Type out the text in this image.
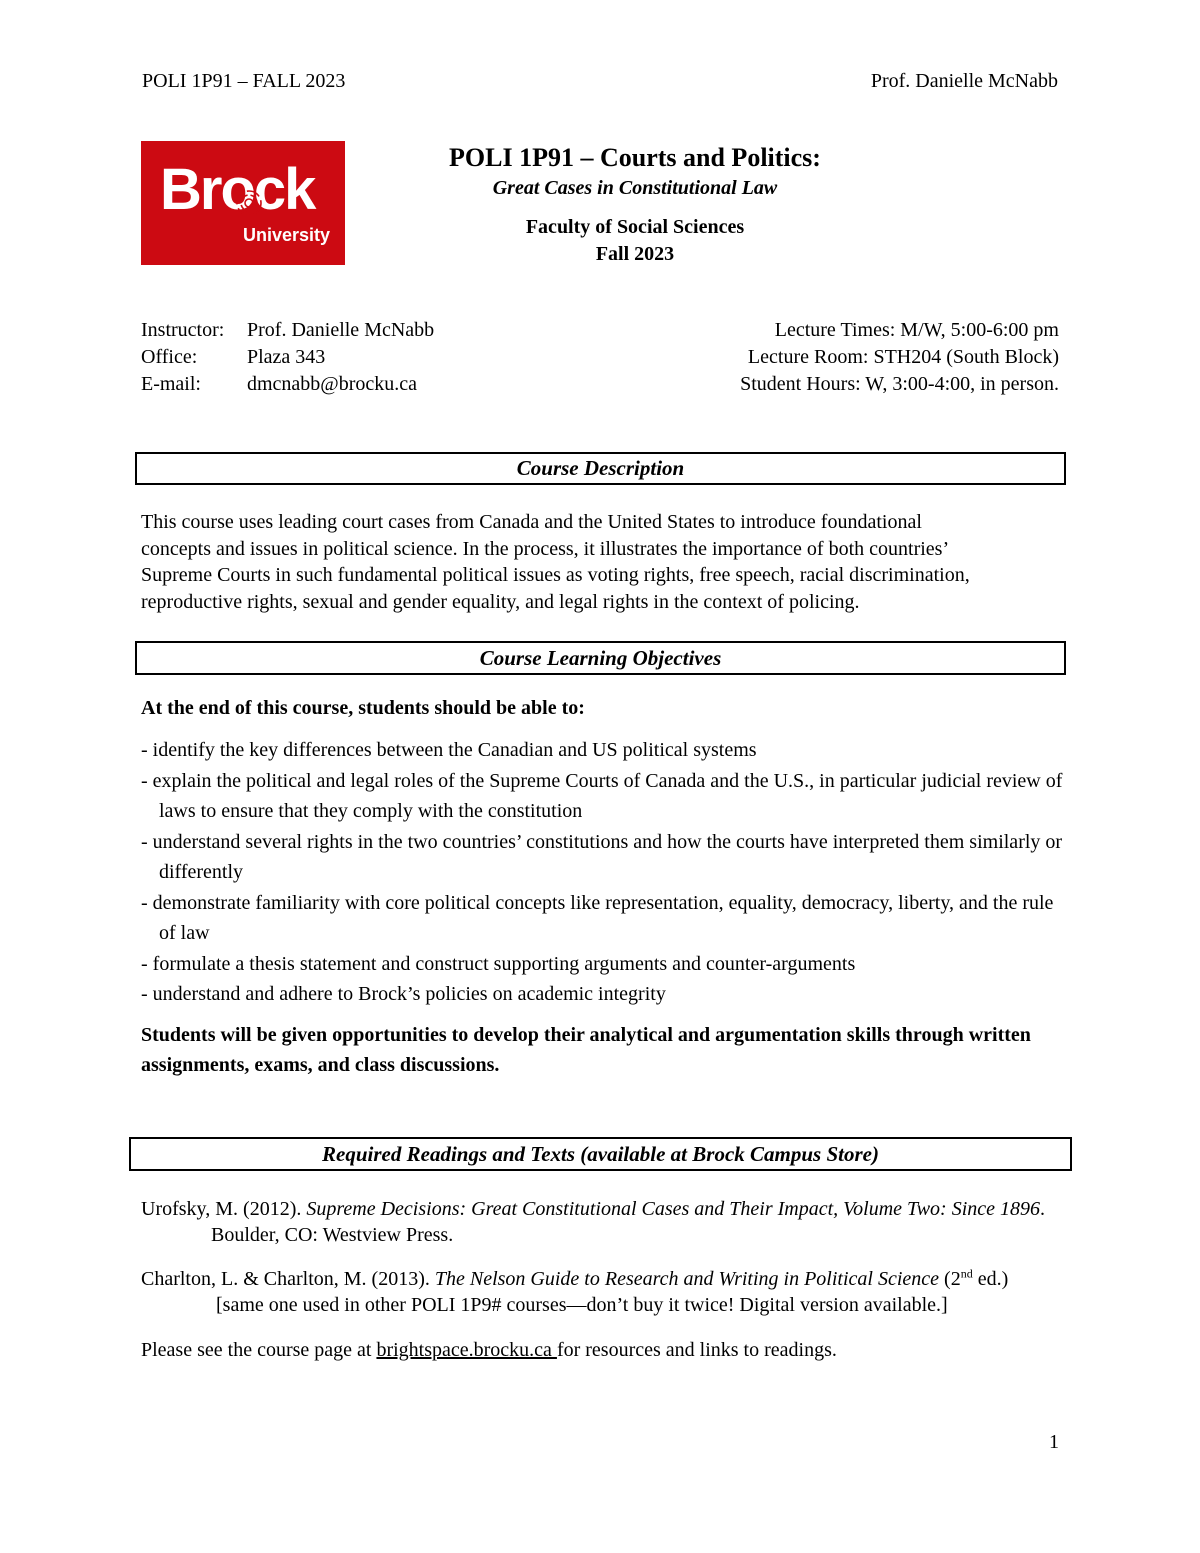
POLI 1P91 – FALL 2023	Prof. Danielle McNabb
Brock
University
POLI 1P91 – Courts and Politics:
Great Cases in Constitutional Law
Faculty of Social Sciences
Fall 2023
Instructor: Prof. Danielle McNabb
Office: Plaza 343
E-mail: dmcnabb@brocku.ca
Lecture Times: M/W, 5:00-6:00 pm
Lecture Room: STH204 (South Block)
Student Hours: W, 3:00-4:00, in person.
Course Description
This course uses leading court cases from Canada and the United States to introduce foundational
concepts and issues in political science. In the process, it illustrates the importance of both countries’
Supreme Courts in such fundamental political issues as voting rights, free speech, racial discrimination,
reproductive rights, sexual and gender equality, and legal rights in the context of policing.
Course Learning Objectives
At the end of this course, students should be able to:
- identify the key differences between the Canadian and US political systems
- explain the political and legal roles of the Supreme Courts of Canada and the U.S., in particular judicial review of laws to ensure that they comply with the constitution
- understand several rights in the two countries’ constitutions and how the courts have interpreted them similarly or differently
- demonstrate familiarity with core political concepts like representation, equality, democracy, liberty, and the rule of law
- formulate a thesis statement and construct supporting arguments and counter-arguments
- understand and adhere to Brock’s policies on academic integrity
Students will be given opportunities to develop their analytical and argumentation skills through written assignments, exams, and class discussions.
Required Readings and Texts (available at Brock Campus Store)
Urofsky, M. (2012). Supreme Decisions: Great Constitutional Cases and Their Impact, Volume Two: Since 1896.
Boulder, CO: Westview Press.
Charlton, L. & Charlton, M. (2013). The Nelson Guide to Research and Writing in Political Science (2nd ed.)
[same one used in other POLI 1P9# courses—don’t buy it twice! Digital version available.]
Please see the course page at brightspace.brocku.ca for resources and links to readings.
1
